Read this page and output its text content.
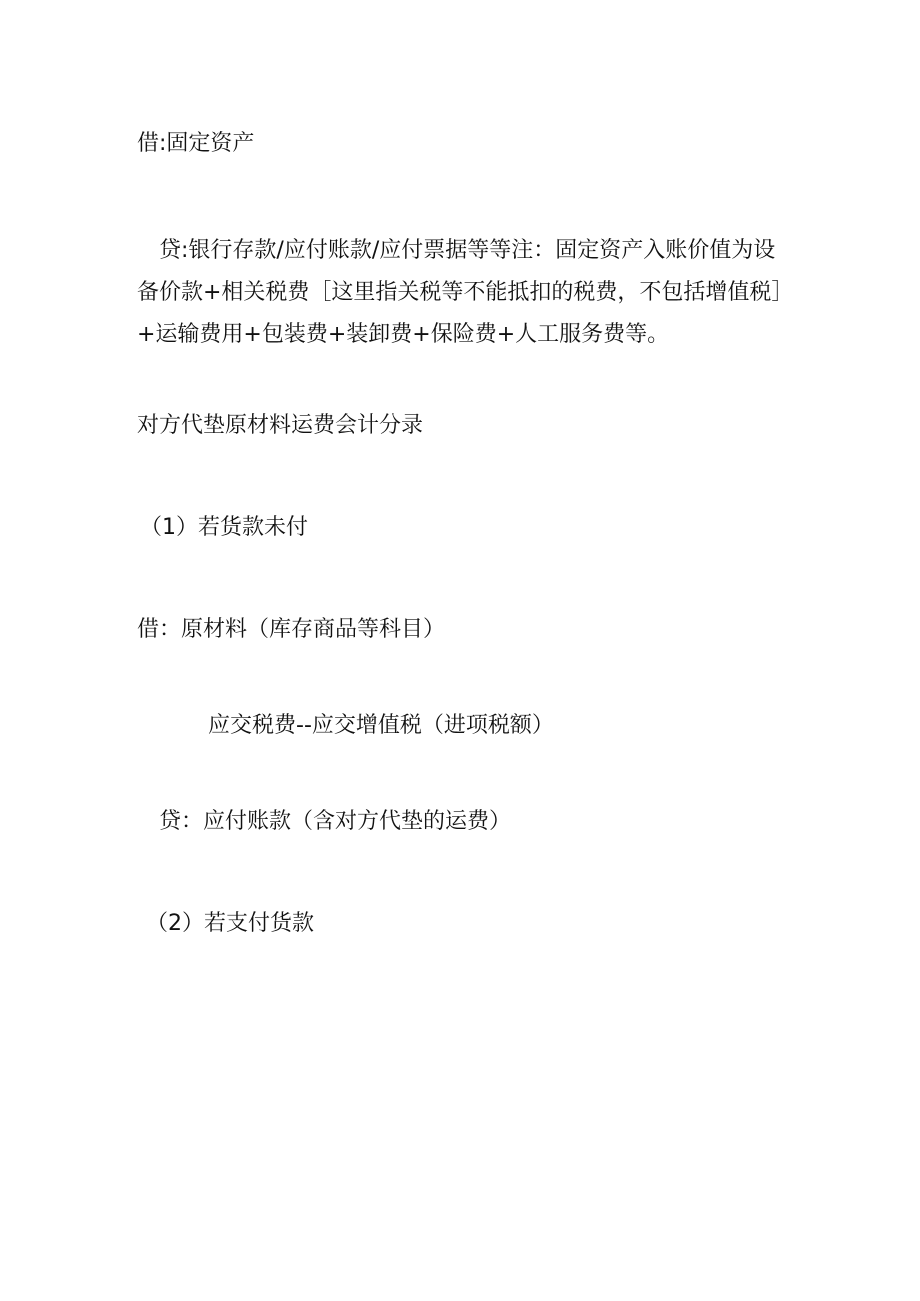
借:固定资产
贷:银行存款/应付账款/应付票据等等注：固定资产入账价值为设备价款+相关税费［这里指关税等不能抵扣的税费，不包括增值税］+运输费用+包装费+装卸费+保险费+人工服务费等。
对方代垫原材料运费会计分录
（1）若货款未付
借：原材料（库存商品等科目）
应交税费--应交增值税（进项税额）
贷：应付账款（含对方代垫的运费）
（2）若支付货款
